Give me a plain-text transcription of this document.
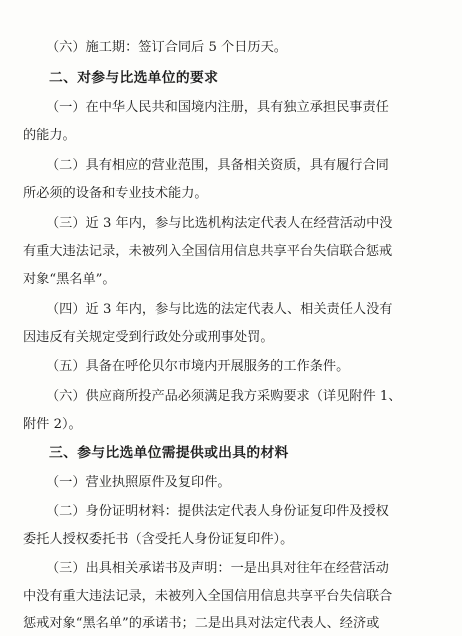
（六）施工期：签订合同后 5 个日历天。
二、对参与比选单位的要求
（一）在中华人民共和国境内注册，具有独立承担民事责任
的能力。
（二）具有相应的营业范围，具备相关资质，具有履行合同
所必须的设备和专业技术能力。
（三）近 3 年内，参与比选机构法定代表人在经营活动中没
有重大违法记录，未被列入全国信用信息共享平台失信联合惩戒
对象“黑名单”。
（四）近 3 年内，参与比选的法定代表人、相关责任人没有
因违反有关规定受到行政处分或刑事处罚。
（五）具备在呼伦贝尔市境内开展服务的工作条件。
（六）供应商所投产品必须满足我方采购要求（详见附件 1、
附件 2）。
三、参与比选单位需提供或出具的材料
（一）营业执照原件及复印件。
（二）身份证明材料：提供法定代表人身份证复印件及授权
委托人授权委托书（含受托人身份证复印件）。
（三）出具相关承诺书及声明：一是出具对往年在经营活动
中没有重大违法记录，未被列入全国信用信息共享平台失信联合
惩戒对象“黑名单”的承诺书；二是出具对法定代表人、经济或
